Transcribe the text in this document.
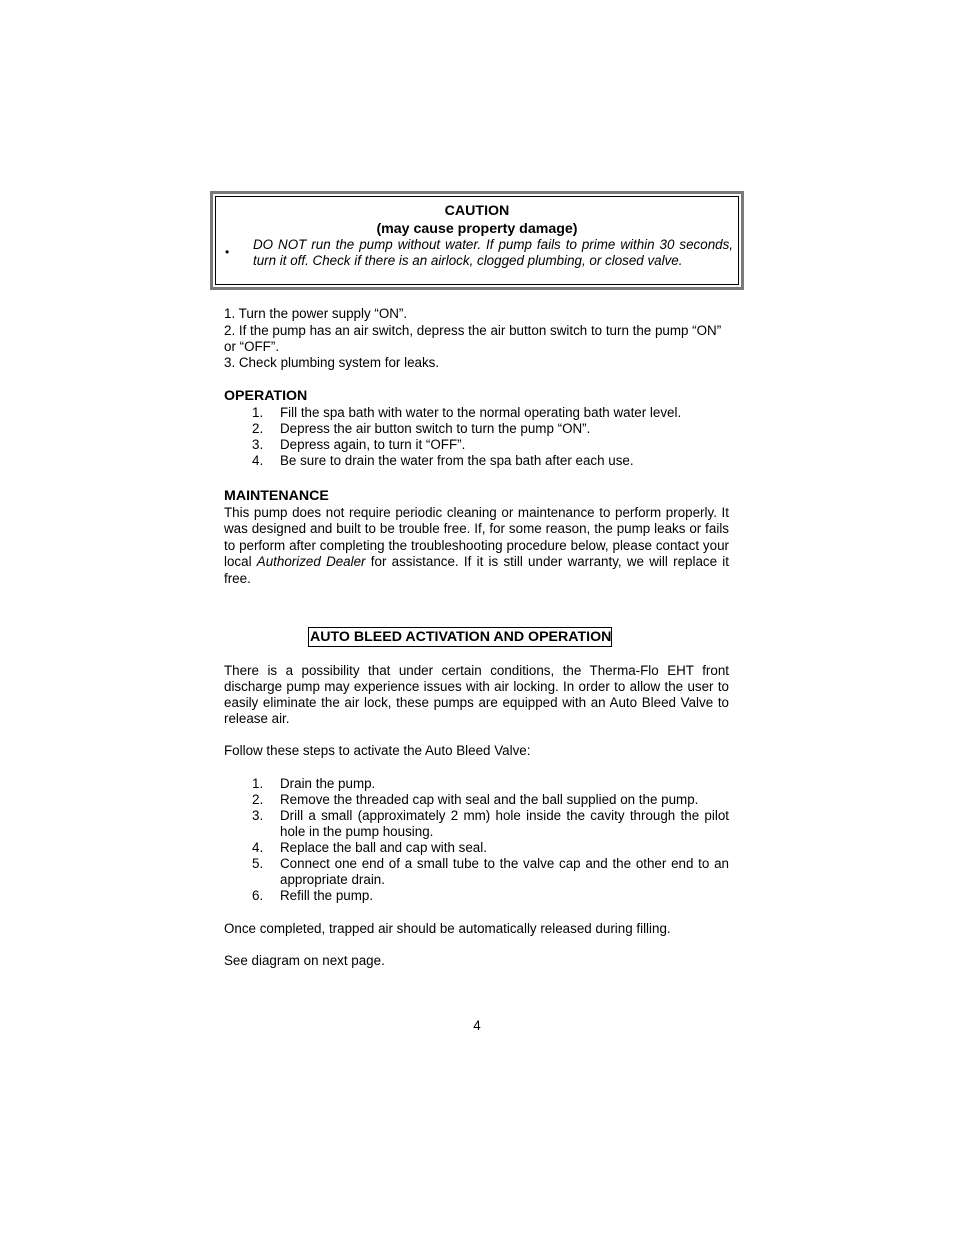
CAUTION
(may cause property damage)
• DO NOT run the pump without water. If pump fails to prime within 30 seconds, turn it off. Check if there is an airlock, clogged plumbing, or closed valve.
1. Turn the power supply “ON”.
2. If the pump has an air switch, depress the air button switch to turn the pump “ON” or “OFF”.
3. Check plumbing system for leaks.
OPERATION
1.	Fill the spa bath with water to the normal operating bath water level.
2.	Depress the air button switch to turn the pump “ON”.
3.	Depress again, to turn it “OFF”.
4.	Be sure to drain the water from the spa bath after each use.
MAINTENANCE
This pump does not require periodic cleaning or maintenance to perform properly. It was designed and built to be trouble free. If, for some reason, the pump leaks or fails to perform after completing the troubleshooting procedure below, please contact your local Authorized Dealer for assistance. If it is still under warranty, we will replace it free.
AUTO BLEED ACTIVATION AND OPERATION
There is a possibility that under certain conditions, the Therma-Flo EHT front discharge pump may experience issues with air locking. In order to allow the user to easily eliminate the air lock, these pumps are equipped with an Auto Bleed Valve to release air.
Follow these steps to activate the Auto Bleed Valve:
1.	Drain the pump.
2.	Remove the threaded cap with seal and the ball supplied on the pump.
3.	Drill a small (approximately 2 mm) hole inside the cavity through the pilot hole in the pump housing.
4.	Replace the ball and cap with seal.
5.	Connect one end of a small tube to the valve cap and the other end to an appropriate drain.
6.	Refill the pump.
Once completed, trapped air should be automatically released during filling.
See diagram on next page.
4
